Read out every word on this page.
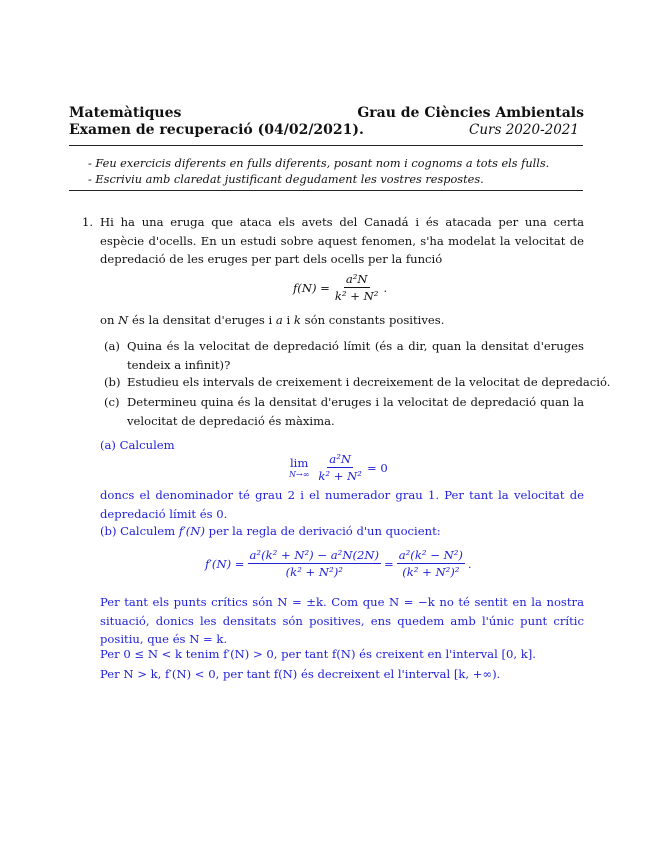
Matemàtiques
Examen de recuperació (04/02/2021).
Grau de Ciències Ambientals
Curs 2020-2021
- Feu exercicis diferents en fulls diferents, posant nom i cognoms a tots els fulls.
- Escriviu amb claredat justificant degudament les vostres respostes.
1. Hi ha una eruga que ataca els avets del Canadá i és atacada per una certa espècie d'ocells. En un estudi sobre aquest fenomen, s'ha modelat la velocitat de depredació de les eruges per part dels ocells per la funció
$f(N) = \frac{\text{a²N}}{\text{k² + N²}}$ .
on N és la densitat d'eruges i a i k són constants positives.
(a) Quina és la velocitat de depredació límit (és a dir, quan la densitat d'eruges tendeix a infinit)?
(b) Estudieu els intervals de creixement i decreixement de la velocitat de depredació.
(c) Determineu quina és la densitat d'eruges i la velocitat de depredació quan la velocitat de depredació és màxima.
(a) Calculem
lim
$N\to\infty \frac{\text{a²N}}{\text{k² + N²}} = 0$
doncs el denominador té grau 2 i el numerador grau 1. Per tant la velocitat de depredació límit és 0.
(b) Calculem f′(N) per la regla de derivació d'un quocient:
$f'(N) = \frac{\text{a²(k² + N²) − a²N(2N)}}{\text{(k² + N²)²}} = \frac{\text{a²(k² − N²)}}{\text{(k² + N²)²}}$ .
Per tant els punts crítics són N = ±k. Com que N = −k no té sentit en la nostra situació, donics les densitats són positives, ens quedem amb l'únic punt crític positiu, que és N = k.
Per 0 ≤ N < k tenim f′(N) > 0, per tant f(N) és creixent en l'interval [0, k].
Per N > k, f′(N) < 0, per tant f(N) és decreixent el l'interval [k, +∞).
